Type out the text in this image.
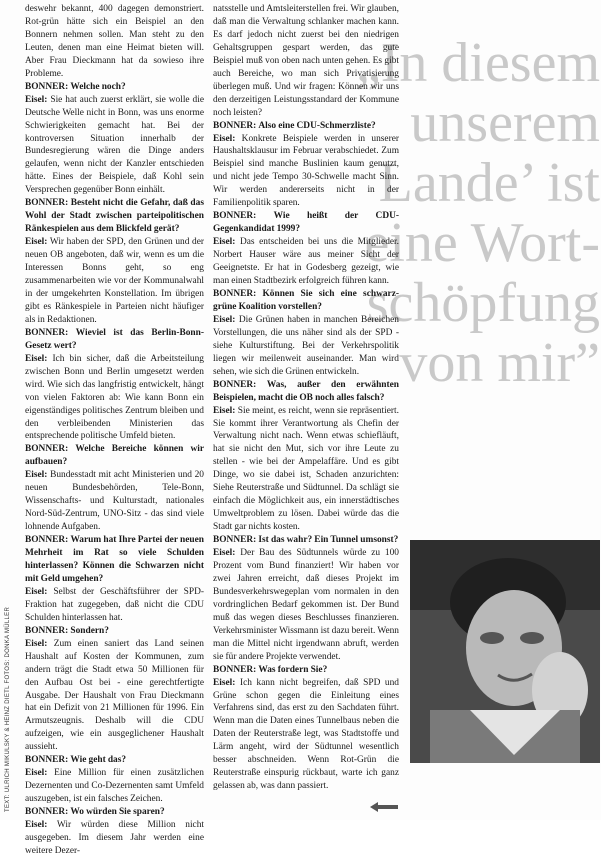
„In diesem
unserem
Lande’ ist
eine Wort-
schöpfung
von mir”

deswehr bekannt, 400 dagegen demonstriert. Rot-grün hätte sich ein Beispiel an den Bonnern nehmen sollen. Man steht zu den Leuten, denen man eine Heimat bieten will. Aber Frau Dieckmann hat da sowieso ihre Probleme.

BONNER: Welche noch?

Eisel: Sie hat auch zuerst erklärt, sie wolle die Deutsche Welle nicht in Bonn, was uns enorme Schwierigkeiten gemacht hat. Bei der kontroversen Situation innerhalb der Bundesregierung wären die Dinge anders gelaufen, wenn nicht der Kanzler entschieden hätte. Eines der Beispiele, daß Kohl sein Versprechen gegenüber Bonn einhält.

BONNER: Besteht nicht die Gefahr, daß das Wohl der Stadt zwischen parteipolitischen Ränkespielen aus dem Blickfeld gerät?

Eisel: Wir haben der SPD, den Grünen und der neuen OB angeboten, daß wir, wenn es um die Interessen Bonns geht, so eng zusammenarbeiten wie vor der Kommunalwahl in der umgekehrten Konstellation. Im übrigen gibt es Ränkespiele in Parteien nicht häufiger als in Redaktionen.

BONNER: Wieviel ist das Berlin-Bonn-Gesetz wert?

Eisel: Ich bin sicher, daß die Arbeitsteilung zwischen Bonn und Berlin umgesetzt werden wird. Wie sich das langfristig entwickelt, hängt von vielen Faktoren ab: Wie kann Bonn ein eigenständiges politisches Zentrum bleiben und den verbleibenden Ministerien das entsprechende politische Umfeld bieten.

BONNER: Welche Bereiche können wir aufbauen?

Eisel: Bundesstadt mit acht Ministerien und 20 neuen Bundesbehörden, Tele-Bonn, Wissenschafts- und Kulturstadt, nationales Nord-Süd-Zentrum, UNO-Sitz - das sind viele lohnende Aufgaben.

BONNER: Warum hat Ihre Partei der neuen Mehrheit im Rat so viele Schulden hinterlassen? Können die Schwarzen nicht mit Geld umgehen?

Eisel: Selbst der Geschäftsführer der SPD-Fraktion hat zugegeben, daß nicht die CDU Schulden hinterlassen hat.

BONNER: Sondern?

Eisel: Zum einen saniert das Land seinen Haushalt auf Kosten der Kommunen, zum andern trägt die Stadt etwa 50 Millionen für den Aufbau Ost bei - eine gerechtfertigte Ausgabe. Der Haushalt von Frau Dieckmann hat ein Defizit von 21 Millionen für 1996. Ein Armutszeugnis. Deshalb will die CDU aufzeigen, wie ein ausgeglichener Haushalt aussieht.

BONNER: Wie geht das?

Eisel: Eine Million für einen zusätzlichen Dezernenten und Co-Dezernenten samt Umfeld auszugeben, ist ein falsches Zeichen.

BONNER: Wo würden Sie sparen?

Eisel: Wir würden diese Million nicht ausgegeben. Im diesem Jahr werden eine weitere Dezer-

natsstelle und Amtsleiterstellen frei. Wir glauben, daß man die Verwaltung schlanker machen kann. Es darf jedoch nicht zuerst bei den niedrigen Gehaltsgruppen gespart werden, das gute Beispiel muß von oben nach unten gehen. Es gibt auch Bereiche, wo man sich Privatisierung überlegen muß. Und wir fragen: Können wir uns den derzeitigen Leistungsstandard der Kommune noch leisten?

BONNER: Also eine CDU-Schmerzliste?

Eisel: Konkrete Beispiele werden in unserer Haushaltsklausur im Februar verabschiedet. Zum Beispiel sind manche Buslinien kaum genutzt, und nicht jede Tempo 30-Schwelle macht Sinn. Wir werden andererseits nicht in der Familienpolitik sparen.

BONNER: Wie heißt der CDU-Gegenkandidat 1999?

Eisel: Das entscheiden bei uns die Mitglieder. Norbert Hauser wäre aus meiner Sicht der Geeignetste. Er hat in Godesberg gezeigt, wie man einen Stadtbezirk erfolgreich führen kann.

BONNER: Können Sie sich eine schwarz-grüne Koalition vorstellen?

Eisel: Die Grünen haben in manchen Bereichen Vorstellungen, die uns näher sind als der SPD - siehe Kulturstiftung. Bei der Verkehrspolitik liegen wir meilenweit auseinander. Man wird sehen, wie sich die Grünen entwickeln.

BONNER: Was, außer den erwähnten Beispielen, macht die OB noch alles falsch?

Eisel: Sie meint, es reicht, wenn sie repräsentiert. Sie kommt ihrer Verantwortung als Chefin der Verwaltung nicht nach. Wenn etwas schiefläuft, hat sie nicht den Mut, sich vor ihre Leute zu stellen - wie bei der Ampelaffäre. Und es gibt Dinge, wo sie dabei ist, Schaden anzurichten: Siehe Reuterstraße und Südtunnel. Da schlägt sie einfach die Möglichkeit aus, ein innerstädtisches Umweltproblem zu lösen. Dabei würde das die Stadt gar nichts kosten.

BONNER: Ist das wahr? Ein Tunnel umsonst?

Eisel: Der Bau des Südtunnels würde zu 100 Prozent vom Bund finanziert! Wir haben vor zwei Jahren erreicht, daß dieses Projekt im Bundesverkehrswegeplan vom normalen in den vordringlichen Bedarf gekommen ist. Der Bund muß das wegen dieses Beschlusses finanzieren. Verkehrsminister Wissmann ist dazu bereit. Wenn man die Mittel nicht irgendwann abruft, werden sie für andere Projekte verwendet.

BONNER: Was fordern Sie?

Eisel: Ich kann nicht begreifen, daß SPD und Grüne schon gegen die Einleitung eines Verfahrens sind, das erst zu den Sachdaten führt. Wenn man die Daten eines Tunnelbaus neben die Daten der Reuterstraße legt, was Stadtstoffe und Lärm angeht, wird der Südtunnel wesentlich besser abschneiden. Wenn Rot-Grün die Reuterstraße einspurig rückbaut, warte ich ganz gelassen ab, was dann passiert.

TEXT: ULRICH MIKULSKY & HEINZ DIETL FOTOS: DONKA MÜLLER
